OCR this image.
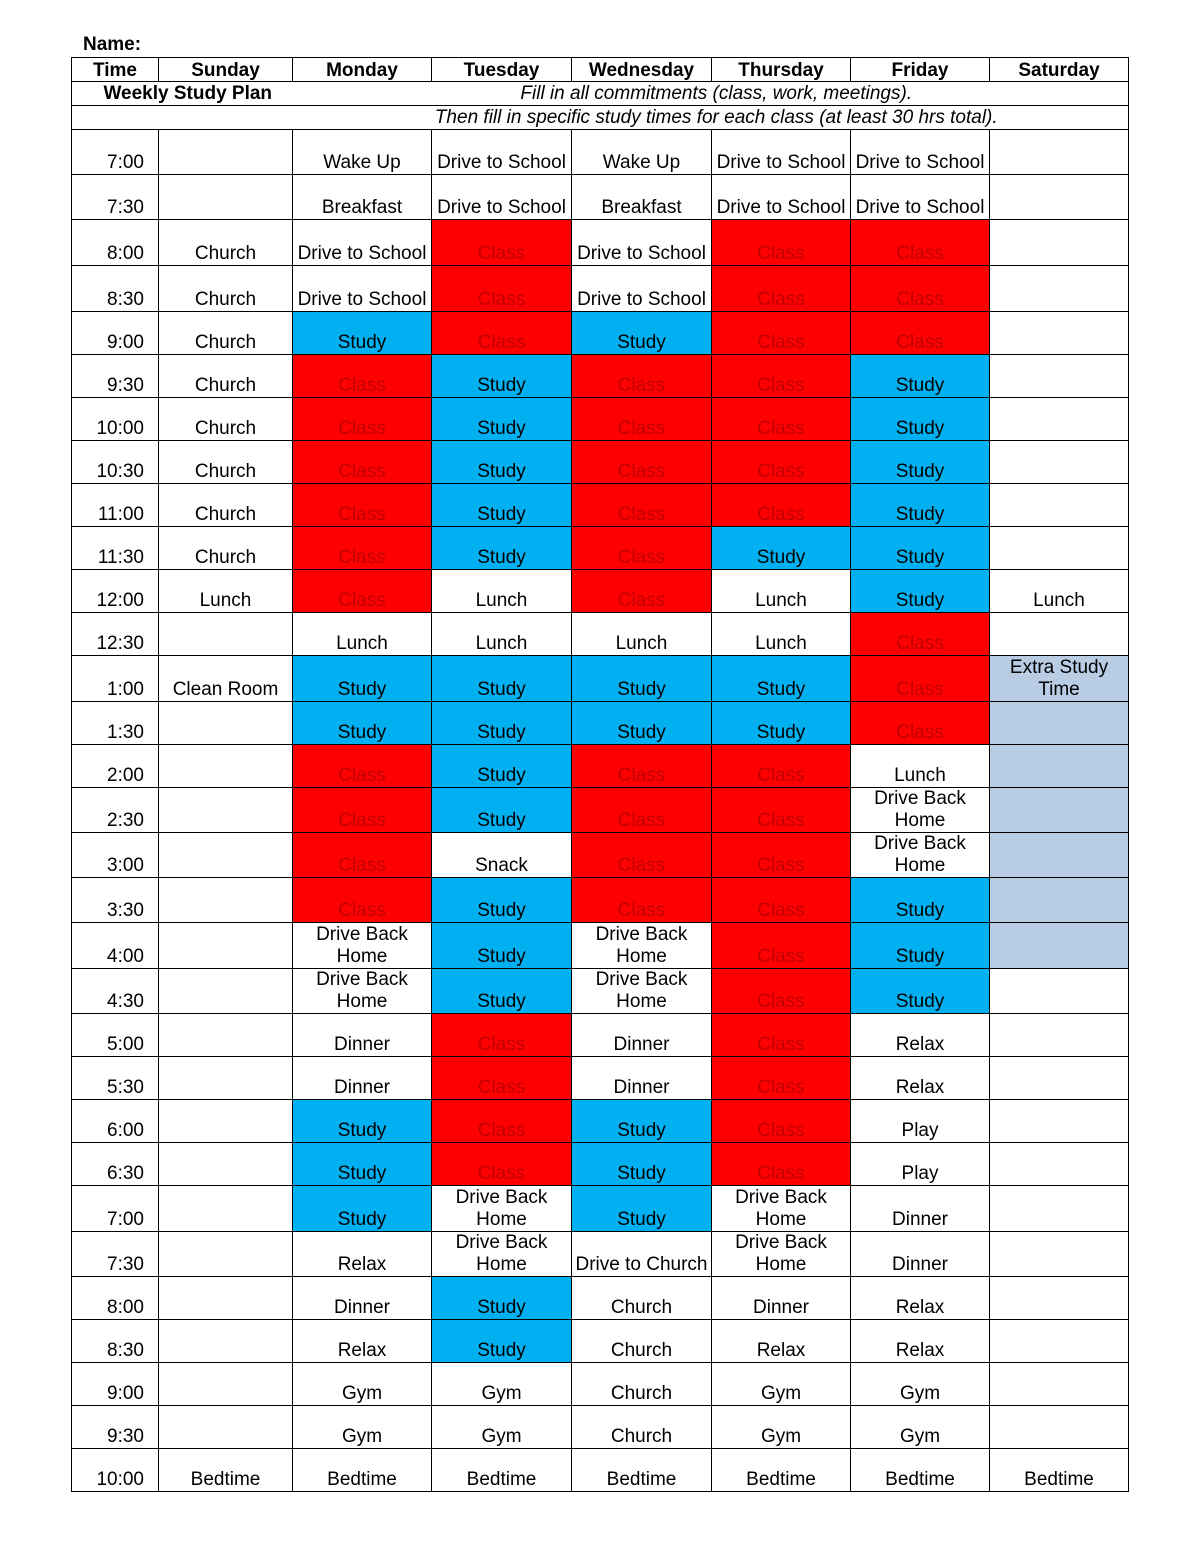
Name:
Weekly Study Plan		Fill in all commitments (class, work, meetings).					
		Then fill in specific study times for each class (at least 30 hrs total).					
Time	Sunday	Monday	Tuesday	Wednesday	Thursday	Friday	Saturday
7:00		Wake Up	Drive to School	Wake Up	Drive to School	Drive to School	
7:30		Breakfast	Drive to School	Breakfast	Drive to School	Drive to School	
8:00	Church	Drive to School	Class	Drive to School	Class	Class	
8:30	Church	Drive to School	Class	Drive to School	Class	Class	
9:00	Church	Study	Class	Study	Class	Class	
9:30	Church	Class	Study	Class	Class	Study	
10:00	Church	Class	Study	Class	Class	Study	
10:30	Church	Class	Study	Class	Class	Study	
11:00	Church	Class	Study	Class	Class	Study	
11:30	Church	Class	Study	Class	Study	Study	
12:00	Lunch	Class	Lunch	Class	Lunch	Study	Lunch
12:30		Lunch	Lunch	Lunch	Lunch	Class	
1:00	Clean Room	Study	Study	Study	Study	Class	Extra Study Time
1:30		Study	Study	Study	Study	Class	
2:00		Class	Study	Class	Class	Lunch	
2:30		Class	Study	Class	Class	Drive Back Home	
3:00		Class	Snack	Class	Class	Drive Back Home	
3:30		Class	Study	Class	Class	Study	
4:00		Drive Back Home	Study	Drive Back Home	Class	Study	
4:30		Drive Back Home	Study	Drive Back Home	Class	Study	
5:00		Dinner	Class	Dinner	Class	Relax	
5:30		Dinner	Class	Dinner	Class	Relax	
6:00		Study	Class	Study	Class	Play	
6:30		Study	Class	Study	Class	Play	
7:00		Study	Drive Back Home	Study	Drive Back Home	Dinner	
7:30		Relax	Drive Back Home	Drive to Church	Drive Back Home	Dinner	
8:00		Dinner	Study	Church	Dinner	Relax	
8:30		Relax	Study	Church	Relax	Relax	
9:00		Gym	Gym	Church	Gym	Gym	
9:30		Gym	Gym	Church	Gym	Gym	
10:00	Bedtime	Bedtime	Bedtime	Bedtime	Bedtime	Bedtime	Bedtime
